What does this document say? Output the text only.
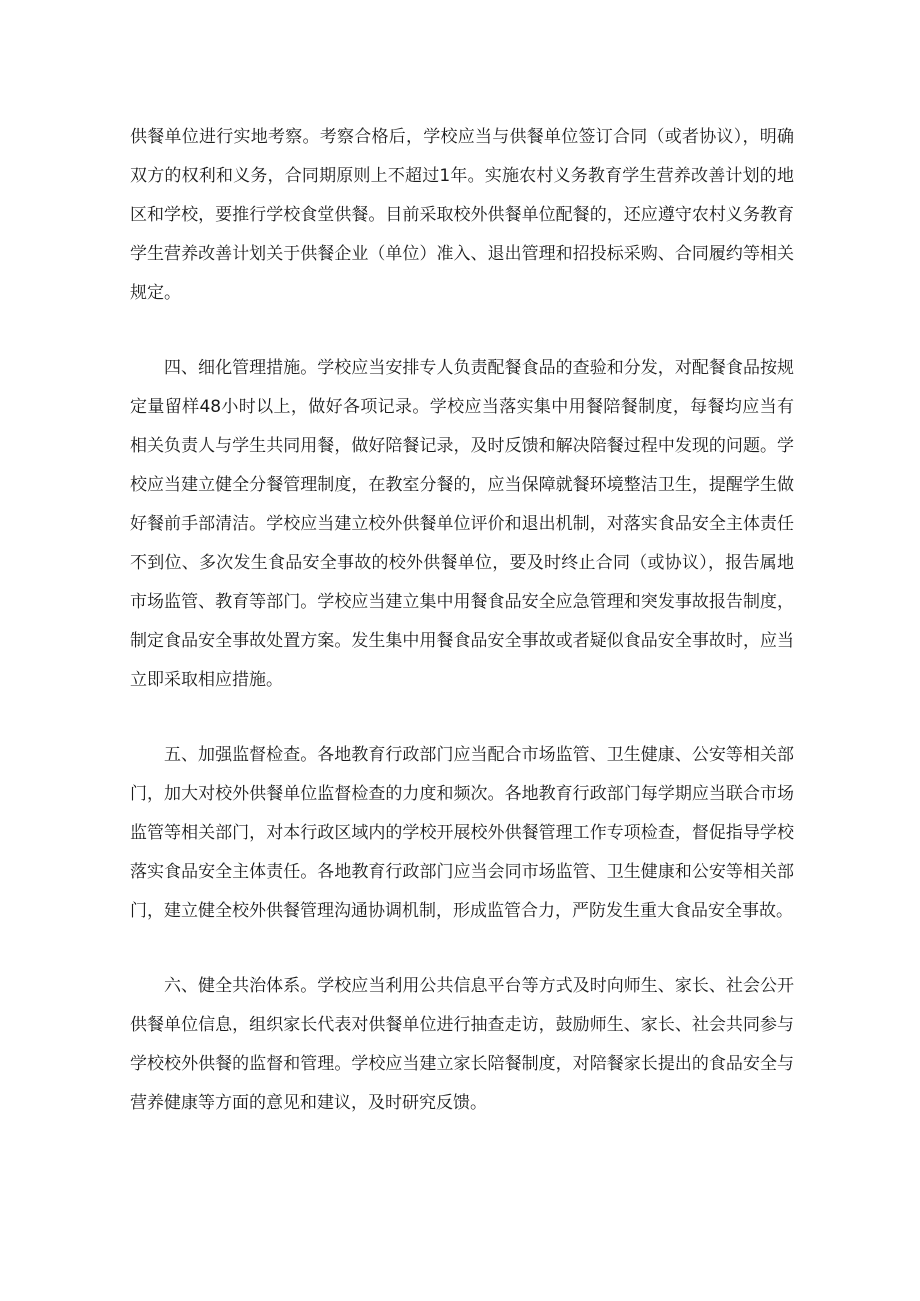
供餐单位进行实地考察。考察合格后，学校应当与供餐单位签订合同（或者协议），明确双方的权利和义务，合同期原则上不超过1年。实施农村义务教育学生营养改善计划的地区和学校，要推行学校食堂供餐。目前采取校外供餐单位配餐的，还应遵守农村义务教育学生营养改善计划关于供餐企业（单位）准入、退出管理和招投标采购、合同履约等相关规定。

四、细化管理措施。学校应当安排专人负责配餐食品的查验和分发，对配餐食品按规定量留样48小时以上，做好各项记录。学校应当落实集中用餐陪餐制度，每餐均应当有相关负责人与学生共同用餐，做好陪餐记录，及时反馈和解决陪餐过程中发现的问题。学校应当建立健全分餐管理制度，在教室分餐的，应当保障就餐环境整洁卫生，提醒学生做好餐前手部清洁。学校应当建立校外供餐单位评价和退出机制，对落实食品安全主体责任不到位、多次发生食品安全事故的校外供餐单位，要及时终止合同（或协议），报告属地市场监管、教育等部门。学校应当建立集中用餐食品安全应急管理和突发事故报告制度，制定食品安全事故处置方案。发生集中用餐食品安全事故或者疑似食品安全事故时，应当立即采取相应措施。

五、加强监督检查。各地教育行政部门应当配合市场监管、卫生健康、公安等相关部门，加大对校外供餐单位监督检查的力度和频次。各地教育行政部门每学期应当联合市场监管等相关部门，对本行政区域内的学校开展校外供餐管理工作专项检查，督促指导学校落实食品安全主体责任。各地教育行政部门应当会同市场监管、卫生健康和公安等相关部门，建立健全校外供餐管理沟通协调机制，形成监管合力，严防发生重大食品安全事故。

六、健全共治体系。学校应当利用公共信息平台等方式及时向师生、家长、社会公开供餐单位信息，组织家长代表对供餐单位进行抽查走访，鼓励师生、家长、社会共同参与学校校外供餐的监督和管理。学校应当建立家长陪餐制度，对陪餐家长提出的食品安全与营养健康等方面的意见和建议，及时研究反馈。
